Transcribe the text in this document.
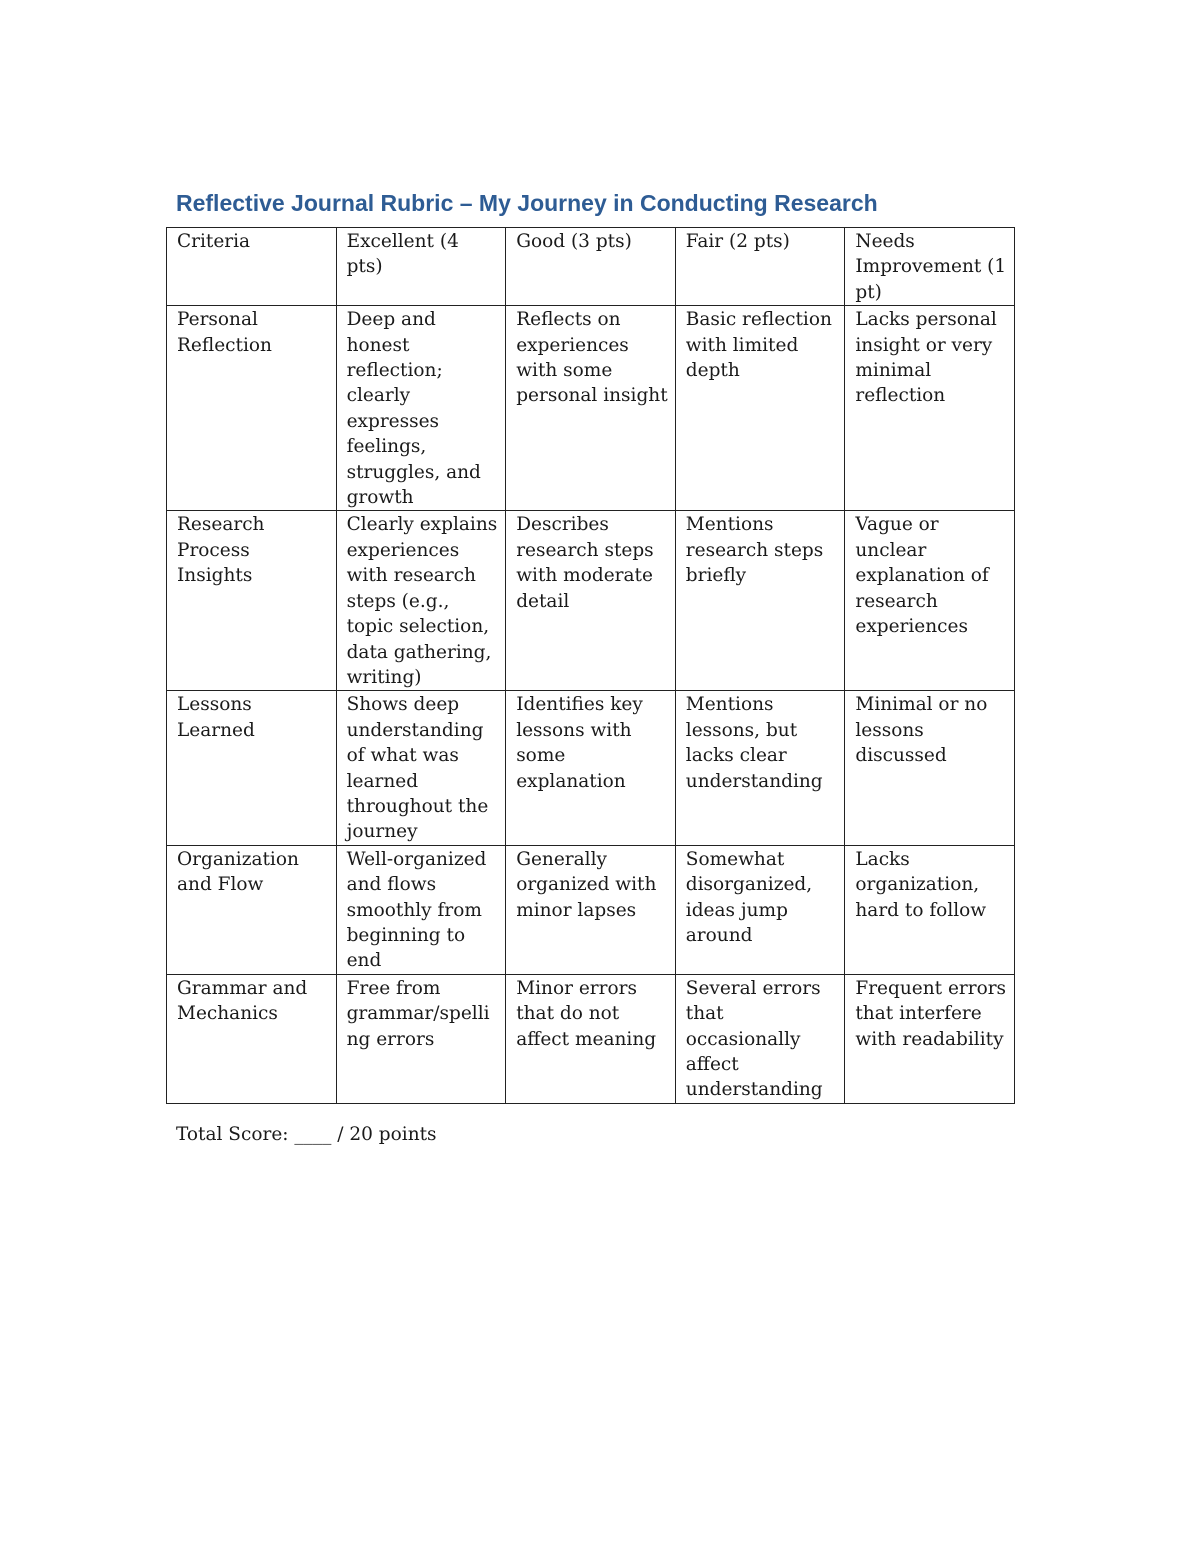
Reflective Journal Rubric – My Journey in Conducting Research
Criteria	Excellent (4 pts)	Good (3 pts)	Fair (2 pts)	Needs Improvement (1 pt)

Personal Reflection	Deep and honest reflection; clearly expresses feelings, struggles, and growth	Reflects on experiences with some personal insight	Basic reflection with limited depth	Lacks personal insight or very minimal reflection

Research Process Insights	Clearly explains experiences with research steps (e.g., topic selection, data gathering, writing)	Describes research steps with moderate detail	Mentions research steps briefly	Vague or unclear explanation of research experiences

Lessons Learned	Shows deep understanding of what was learned throughout the journey	Identifies key lessons with some explanation	Mentions lessons, but lacks clear understanding	Minimal or no lessons discussed

Organization and Flow	Well-organized and flows smoothly from beginning to end	Generally organized with minor lapses	Somewhat disorganized, ideas jump around	Lacks organization, hard to follow

Grammar and Mechanics	Free from grammar/spelling errors	Minor errors that do not affect meaning	Several errors that occasionally affect understanding	Frequent errors that interfere with readability

Total Score: ____ / 20 points
